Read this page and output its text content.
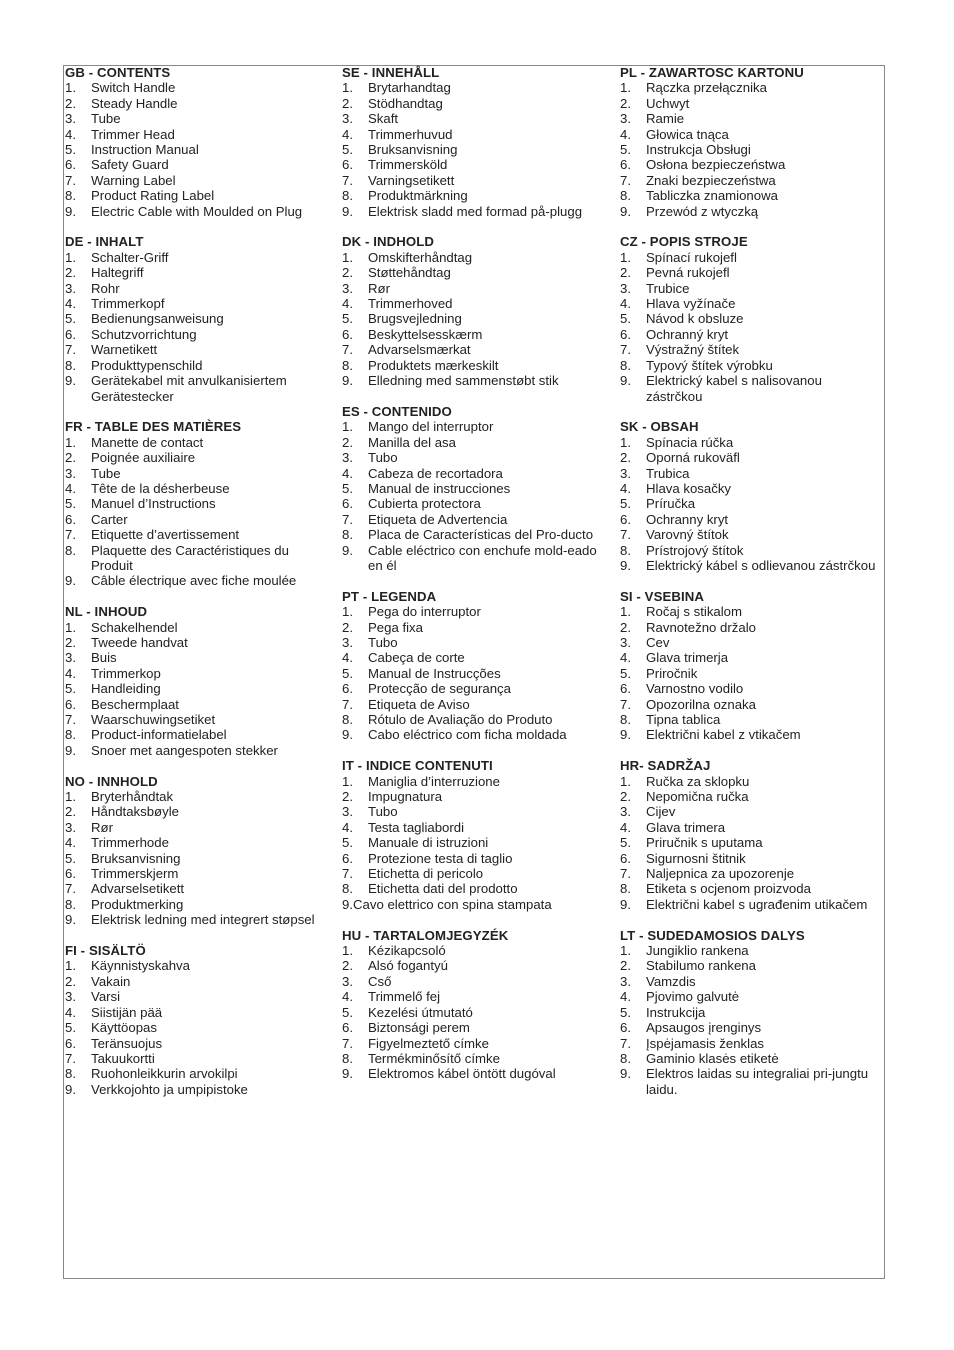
GB - CONTENTS
1.	Switch Handle
2.	Steady Handle
3.	Tube
4.	Trimmer Head
5.	Instruction Manual
6.	Safety Guard
7.	Warning Label
8.	Product Rating Label
9.	Electric Cable with Moulded on Plug
DE - INHALT
1.	Schalter-Griff
2.	Haltegriff
3.	Rohr
4.	Trimmerkopf
5.	Bedienungsanweisung
6.	Schutzvorrichtung
7.	Warnetikett
8.	Produkttypenschild
9.	Gerätekabel mit anvulkanisiertem Gerätestecker
FR - TABLE DES MATIÈRES
1.	Manette de contact
2.	Poignée auxiliaire
3.	Tube
4.	Tête de la désherbeuse
5.	Manuel d’Instructions
6.	Carter
7.	Etiquette d’avertissement
8.	Plaquette des Caractéristiques du Produit
9.	Câble électrique avec fiche moulée
NL - INHOUD
1.	Schakelhendel
2.	Tweede handvat
3.	Buis
4.	Trimmerkop
5.	Handleiding
6.	Beschermplaat
7.	Waarschuwingsetiket
8.	Product-informatielabel
9.	Snoer met aangespoten stekker
NO - INNHOLD
1.	Bryterhåndtak
2.	Håndtaksbøyle
3.	Rør
4.	Trimmerhode
5.	Bruksanvisning
6.	Trimmerskjerm
7.	Advarselsetikett
8.	Produktmerking
9.	Elektrisk ledning med integrert støpsel
FI - SISÄLTÖ
1.	Käynnistyskahva
2.	Vakain
3.	Varsi
4.	Siistijän pää
5.	Käyttöopas
6.	Teränsuojus
7.	Takuukortti
8.	Ruohonleikkurin arvokilpi
9.	Verkkojohto ja umpipistoke
SE - INNEHÅLL
1.	Brytarhandtag
2.	Stödhandtag
3.	Skaft
4.	Trimmerhuvud
5.	Bruksanvisning
6.	Trimmersköld
7.	Varningsetikett
8.	Produktmärkning
9.	Elektrisk sladd med formad på-plugg
DK - INDHOLD
1.	Omskifterhåndtag
2.	Støttehåndtag
3.	Rør
4.	Trimmerhoved
5.	Brugsvejledning
6.	Beskyttelsesskærm
7.	Advarselsmærkat
8.	Produktets mærkeskilt
9.	Elledning med sammenstøbt stik
ES - CONTENIDO
1.	Mango del interruptor
2.	Manilla del asa
3.	Tubo
4.	Cabeza de recortadora
5.	Manual de instrucciones
6.	Cubierta protectora
7.	Etiqueta de Advertencia
8.	Placa de Características del Pro-ducto
9.	Cable eléctrico con enchufe mold-eado en él
PT - LEGENDA
1.	Pega do interruptor
2.	Pega fixa
3.	Tubo
4.	Cabeça de corte
5.	Manual de Instrucções
6.	Protecção de segurança
7.	Etiqueta de Aviso
8.	Rótulo de Avaliação do Produto
9.	Cabo eléctrico com ficha moldada
IT - INDICE CONTENUTI
1.	Maniglia d’interruzione
2.	Impugnatura
3.	Tubo
4.	Testa tagliabordi
5.	Manuale di istruzioni
6.	Protezione testa di taglio
7.	Etichetta di pericolo
8.	Etichetta dati del prodotto
9.Cavo elettrico con spina stampata
HU - TARTALOMJEGYZÉK
1.	Kézikapcsoló
2.	Alsó fogantyú
3.	Cső
4.	Trimmelő fej
5.	Kezelési útmutató
6.	Biztonsági perem
7.	Figyelmeztető címke
8.	Termékminősítő címke
9.	Elektromos kábel öntött dugóval
PL - ZAWARTOSC KARTONU
1.	Rączka przełącznika
2.	Uchwyt
3.	Ramie
4.	Głowica tnąca
5.	Instrukcja Obsługi
6.	Osłona bezpieczeństwa
7.	Znaki bezpieczeństwa
8.	Tabliczka znamionowa
9.	Przewód z wtyczką
CZ - POPIS STROJE
1.	Spínací rukojefl
2.	Pevná rukojefl
3.	Trubice
4.	Hlava vyžínače
5.	Návod k obsluze
6.	Ochranný kryt
7.	Výstražný štítek
8.	Typový štítek výrobku
9.	Elektrický kabel s nalisovanou zástrčkou
SK - OBSAH
1.	Spínacia rúčka
2.	Oporná rukoväfl
3.	Trubica
4.	Hlava kosačky
5.	Príručka
6.	Ochranny kryt
7.	Varovný štítok
8.	Prístrojový štítok
9.	Elektrický kábel s odlievanou zástrčkou
SI - VSEBINA
1.	Ročaj s stikalom
2.	Ravnotežno držalo
3.	Cev
4.	Glava trimerja
5.	Priročnik
6.	Varnostno vodilo
7.	Opozorilna oznaka
8.	Tipna tablica
9.	Električni kabel z vtikačem
HR- SADRŽAJ
1.	Ručka za sklopku
2.	Nepomična ručka
3.	Cijev
4.	Glava trimera
5.	Priručnik s uputama
6.	Sigurnosni štitnik
7.	Naljepnica za upozorenje
8.	Etiketa s ocjenom proizvoda
9.	Električni kabel s ugrađenim utikačem
LT - SUDEDAMOSIOS DALYS
1.	Jungiklio rankena
2.	Stabilumo rankena
3.	Vamzdis
4.	Pjovimo galvutė
5.	Instrukcija
6.	Apsaugos įrenginys
7.	Įspėjamasis ženklas
8.	Gaminio klasės etiketė
9.	Elektros laidas su integraliai pri-jungtu laidu.
